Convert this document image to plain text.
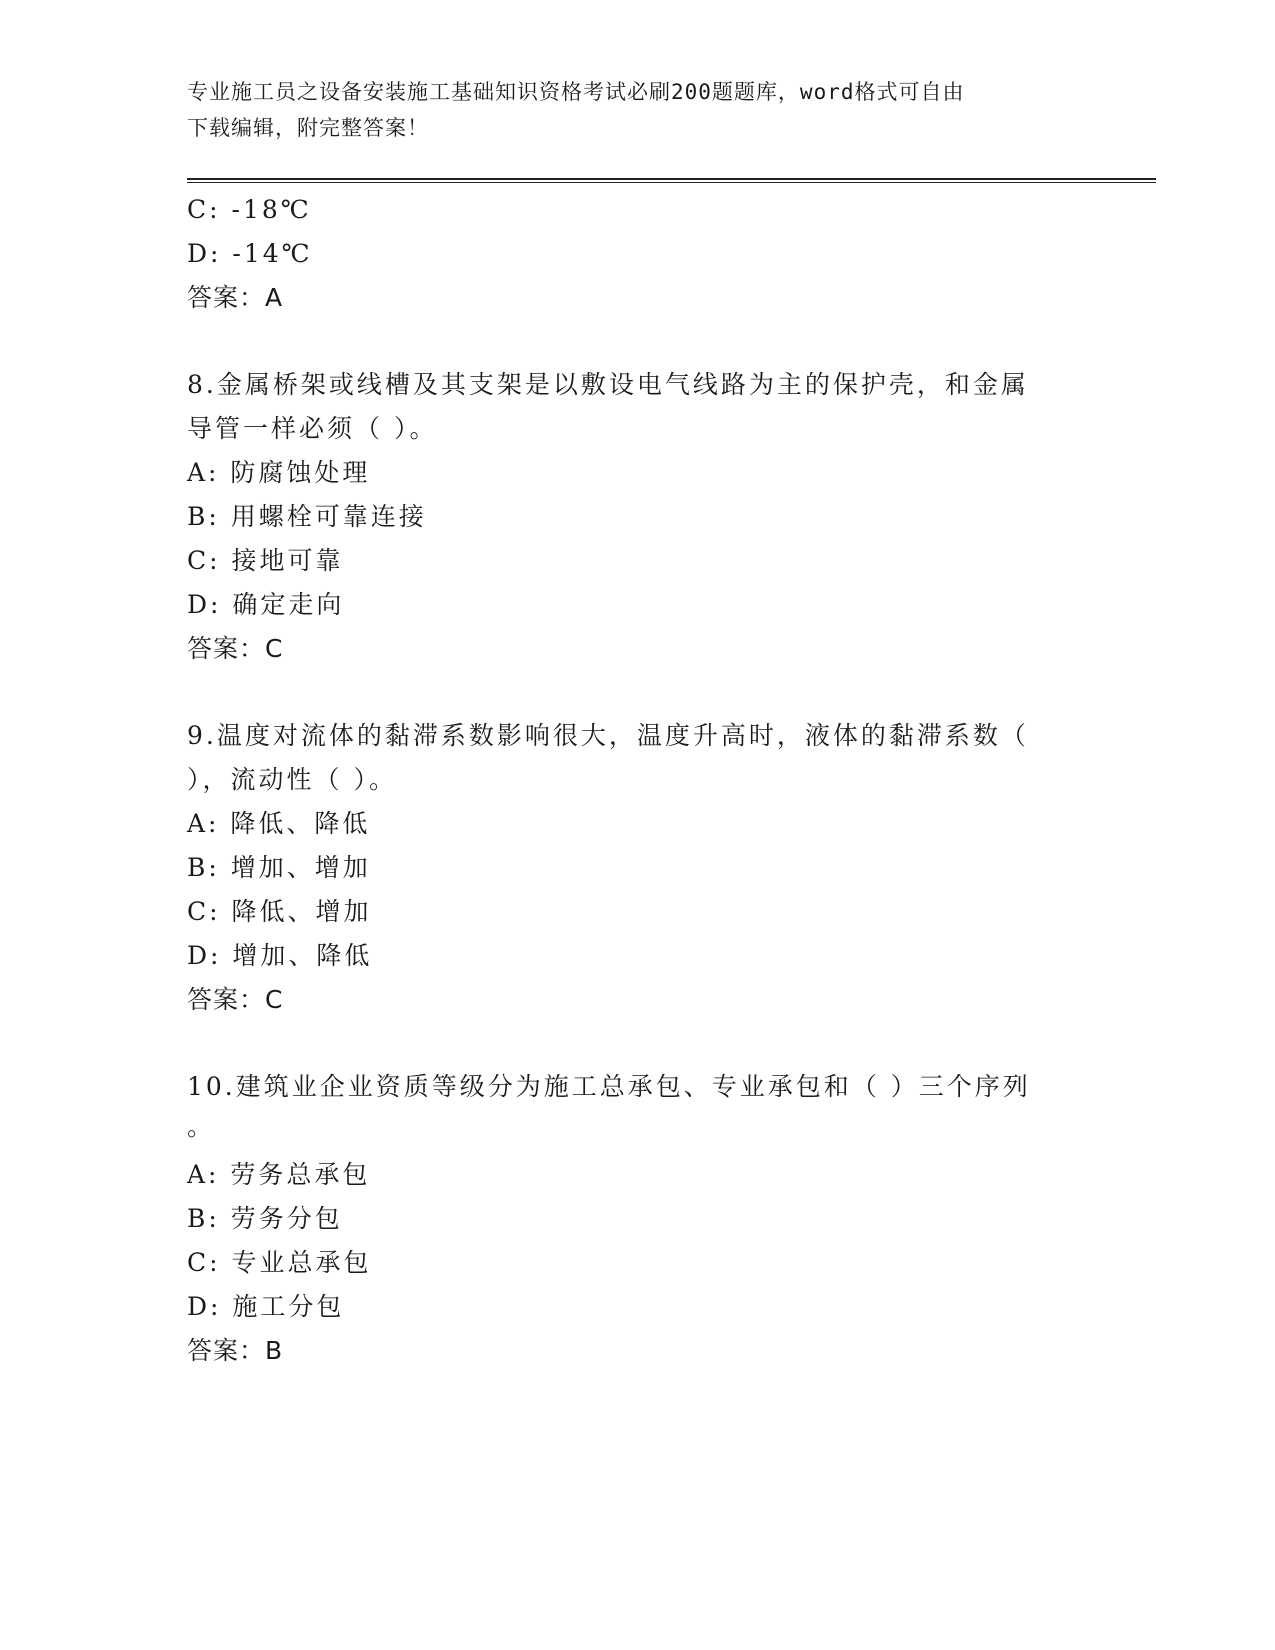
专业施工员之设备安装施工基础知识资格考试必刷200题题库，word格式可自由
下载编辑，附完整答案！
C: -18℃
D: -14℃
答案：A
8.金属桥架或线槽及其支架是以敷设电气线路为主的保护壳，和金属
导管一样必须（ ）。
A: 防腐蚀处理
B: 用螺栓可靠连接
C: 接地可靠
D: 确定走向
答案：C
9.温度对流体的黏滞系数影响很大，温度升高时，液体的黏滞系数（
），流动性（ ）。
A: 降低、降低
B: 增加、增加
C: 降低、增加
D: 增加、降低
答案：C
10.建筑业企业资质等级分为施工总承包、专业承包和（ ）三个序列
。
A: 劳务总承包
B: 劳务分包
C: 专业总承包
D: 施工分包
答案：B
